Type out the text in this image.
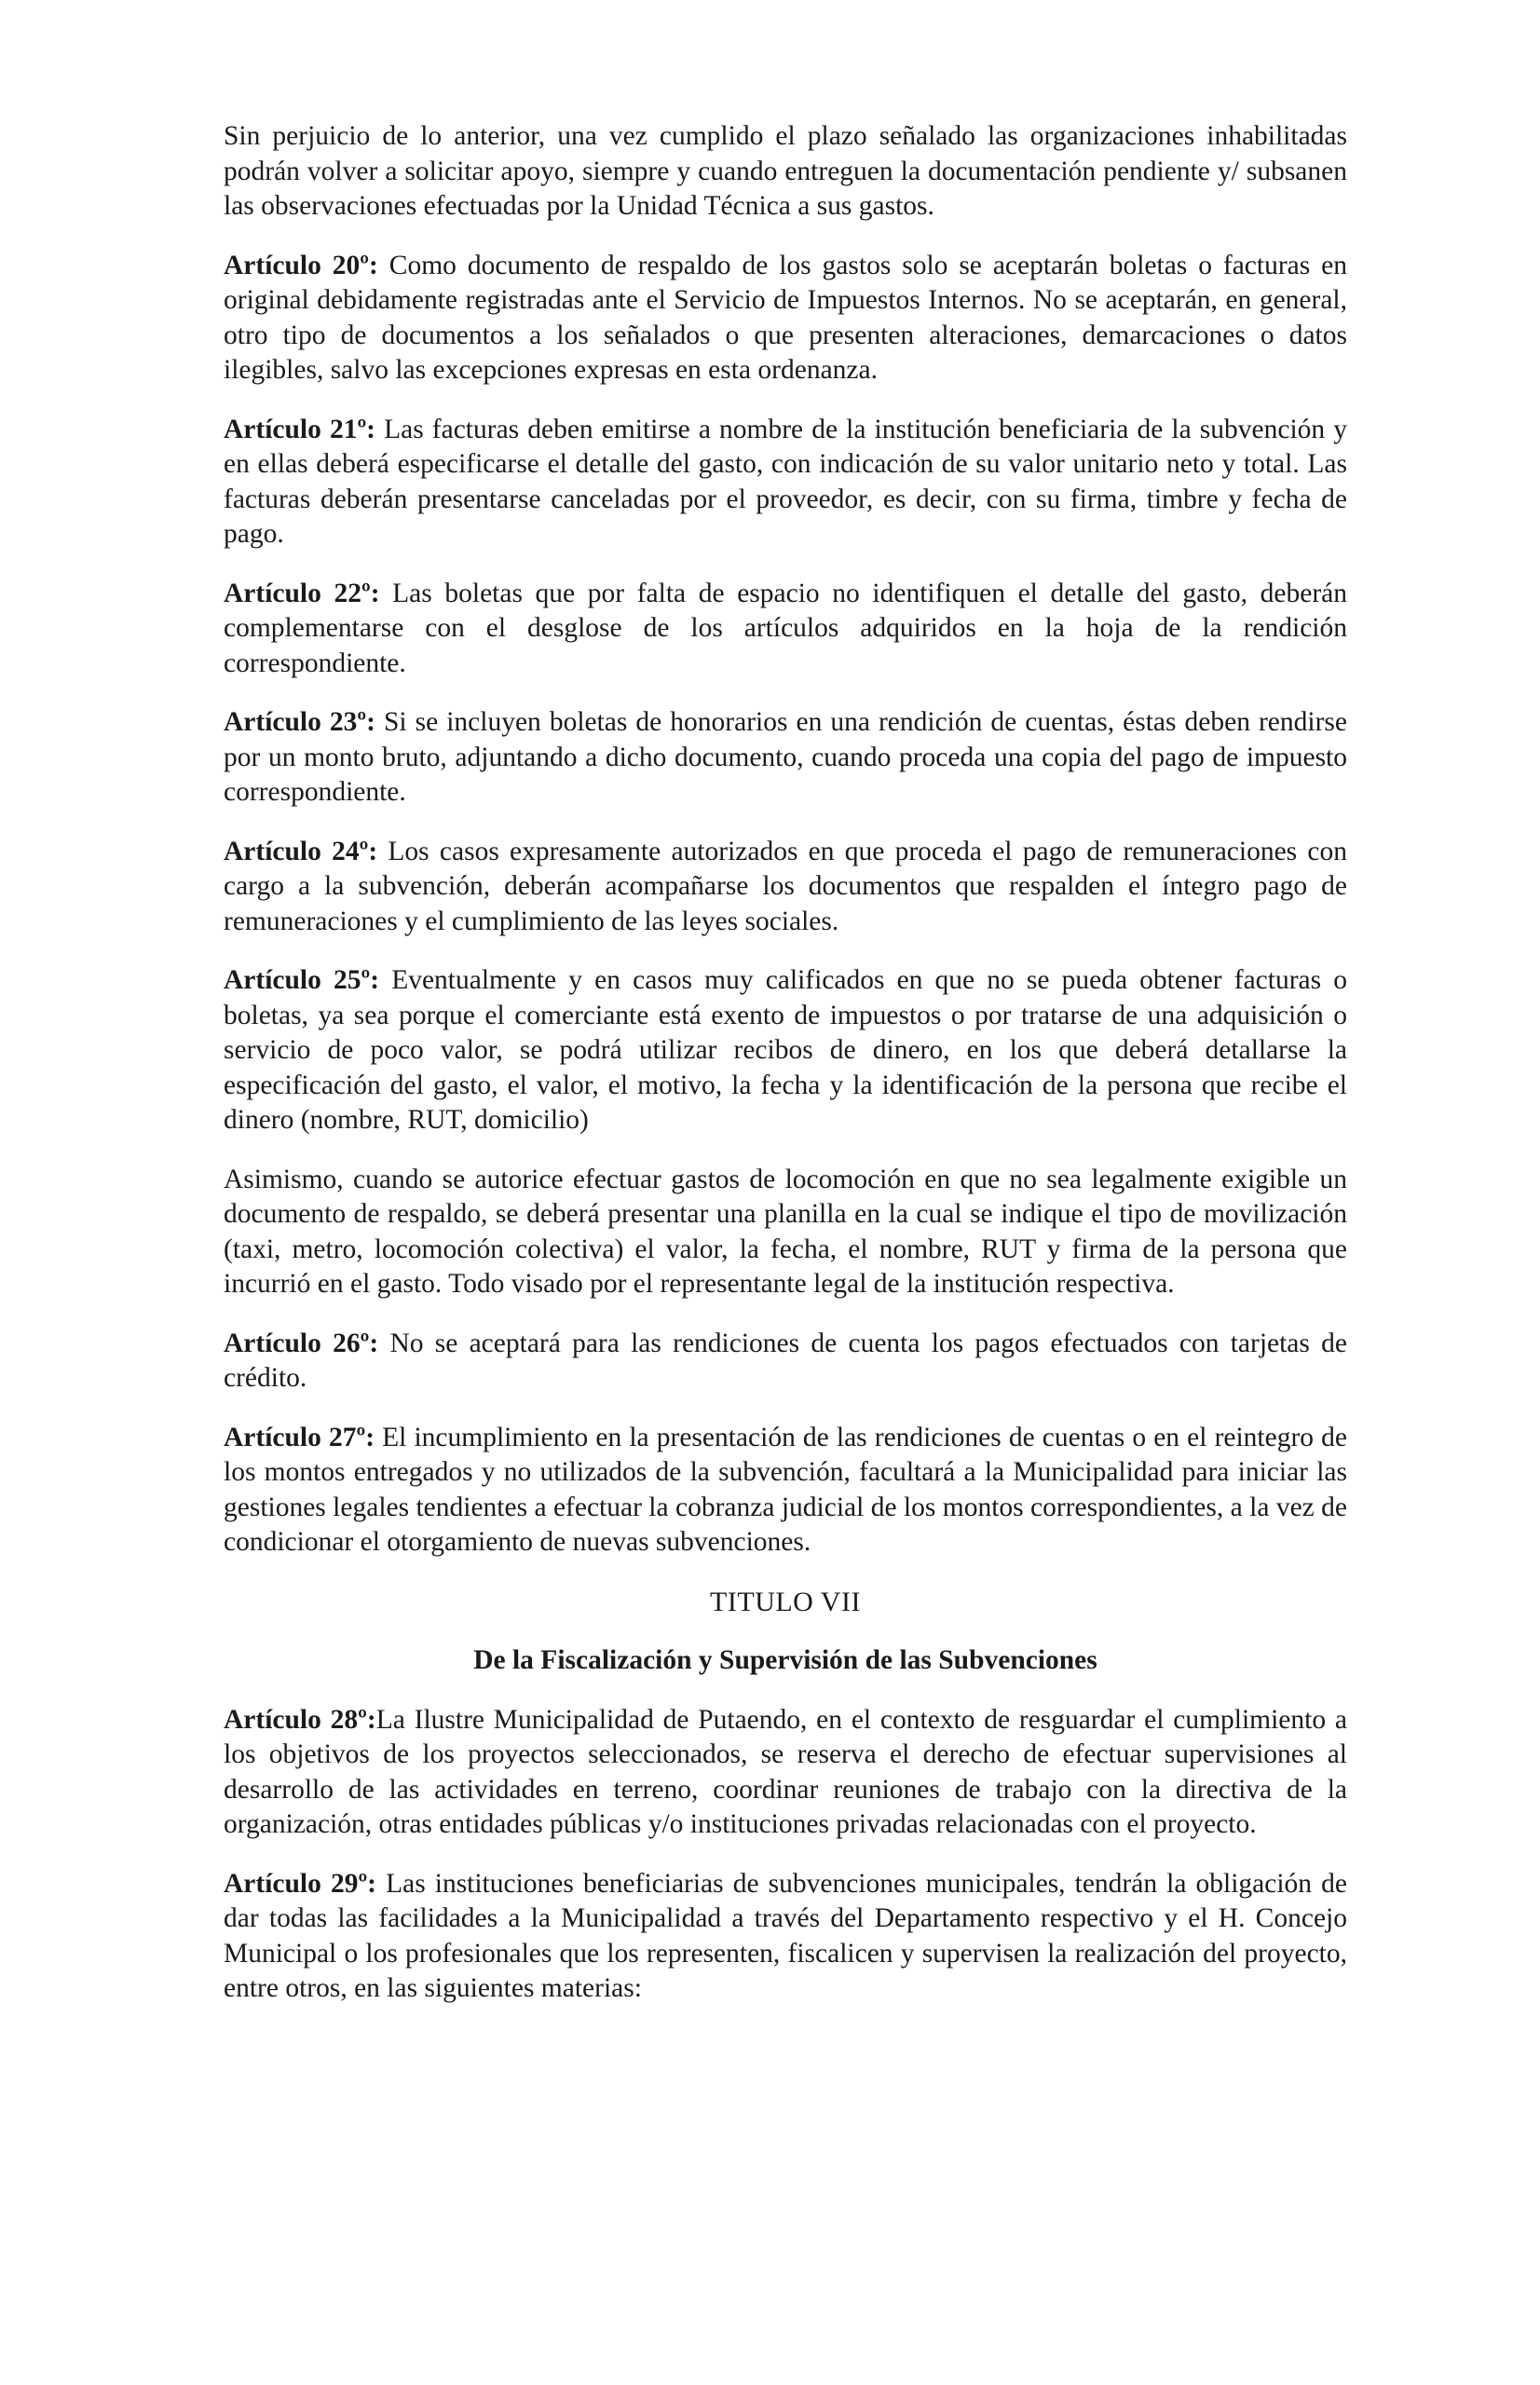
Sin perjuicio de lo anterior, una vez cumplido el plazo señalado las organizaciones inhabilitadas podrán volver a solicitar apoyo, siempre y cuando entreguen la documentación pendiente y/ subsanen las observaciones efectuadas por la Unidad Técnica a sus gastos.

Artículo 20º: Como documento de respaldo de los gastos solo se aceptarán boletas o facturas en original debidamente registradas ante el Servicio de Impuestos Internos. No se aceptarán, en general, otro tipo de documentos a los señalados o que presenten alteraciones, demarcaciones o datos ilegibles, salvo las excepciones expresas en esta ordenanza.

Artículo 21º: Las facturas deben emitirse a nombre de la institución beneficiaria de la subvención y en ellas deberá especificarse el detalle del gasto, con indicación de su valor unitario neto y total. Las facturas deberán presentarse canceladas por el proveedor, es decir, con su firma, timbre y fecha de pago.

Artículo 22º: Las boletas que por falta de espacio no identifiquen el detalle del gasto, deberán complementarse con el desglose de los artículos adquiridos en la hoja de la rendición correspondiente.

Artículo 23º: Si se incluyen boletas de honorarios en una rendición de cuentas, éstas deben rendirse por un monto bruto, adjuntando a dicho documento, cuando proceda una copia del pago de impuesto correspondiente.

Artículo 24º: Los casos expresamente autorizados en que proceda el pago de remuneraciones con cargo a la subvención, deberán acompañarse los documentos que respalden el íntegro pago de remuneraciones y el cumplimiento de las leyes sociales.

Artículo 25º: Eventualmente y en casos muy calificados en que no se pueda obtener facturas o boletas, ya sea porque el comerciante está exento de impuestos o por tratarse de una adquisición o servicio de poco valor, se podrá utilizar recibos de dinero, en los que deberá detallarse la especificación del gasto, el valor, el motivo, la fecha y la identificación de la persona que recibe el dinero (nombre, RUT, domicilio)

Asimismo, cuando se autorice efectuar gastos de locomoción en que no sea legalmente exigible un documento de respaldo, se deberá presentar una planilla en la cual se indique el tipo de movilización (taxi, metro, locomoción colectiva) el valor, la fecha, el nombre, RUT y firma de la persona que incurrió en el gasto. Todo visado por el representante legal de la institución respectiva.

Artículo 26º: No se aceptará para las rendiciones de cuenta los pagos efectuados con tarjetas de crédito.

Artículo 27º: El incumplimiento en la presentación de las rendiciones de cuentas o en el reintegro de los montos entregados y no utilizados de la subvención, facultará a la Municipalidad para iniciar las gestiones legales tendientes a efectuar la cobranza judicial de los montos correspondientes, a la vez de condicionar el otorgamiento de nuevas subvenciones.

TITULO VII
De la Fiscalización y Supervisión de las Subvenciones

Artículo 28º:La Ilustre Municipalidad de Putaendo, en el contexto de resguardar el cumplimiento a los objetivos de los proyectos seleccionados, se reserva el derecho de efectuar supervisiones al desarrollo de las actividades en terreno, coordinar reuniones de trabajo con la directiva de la organización, otras entidades públicas y/o instituciones privadas relacionadas con el proyecto.

Artículo 29º: Las instituciones beneficiarias de subvenciones municipales, tendrán la obligación de dar todas las facilidades a la Municipalidad a través del Departamento respectivo y el H. Concejo Municipal o los profesionales que los representen, fiscalicen y supervisen la realización del proyecto, entre otros, en las siguientes materias:
